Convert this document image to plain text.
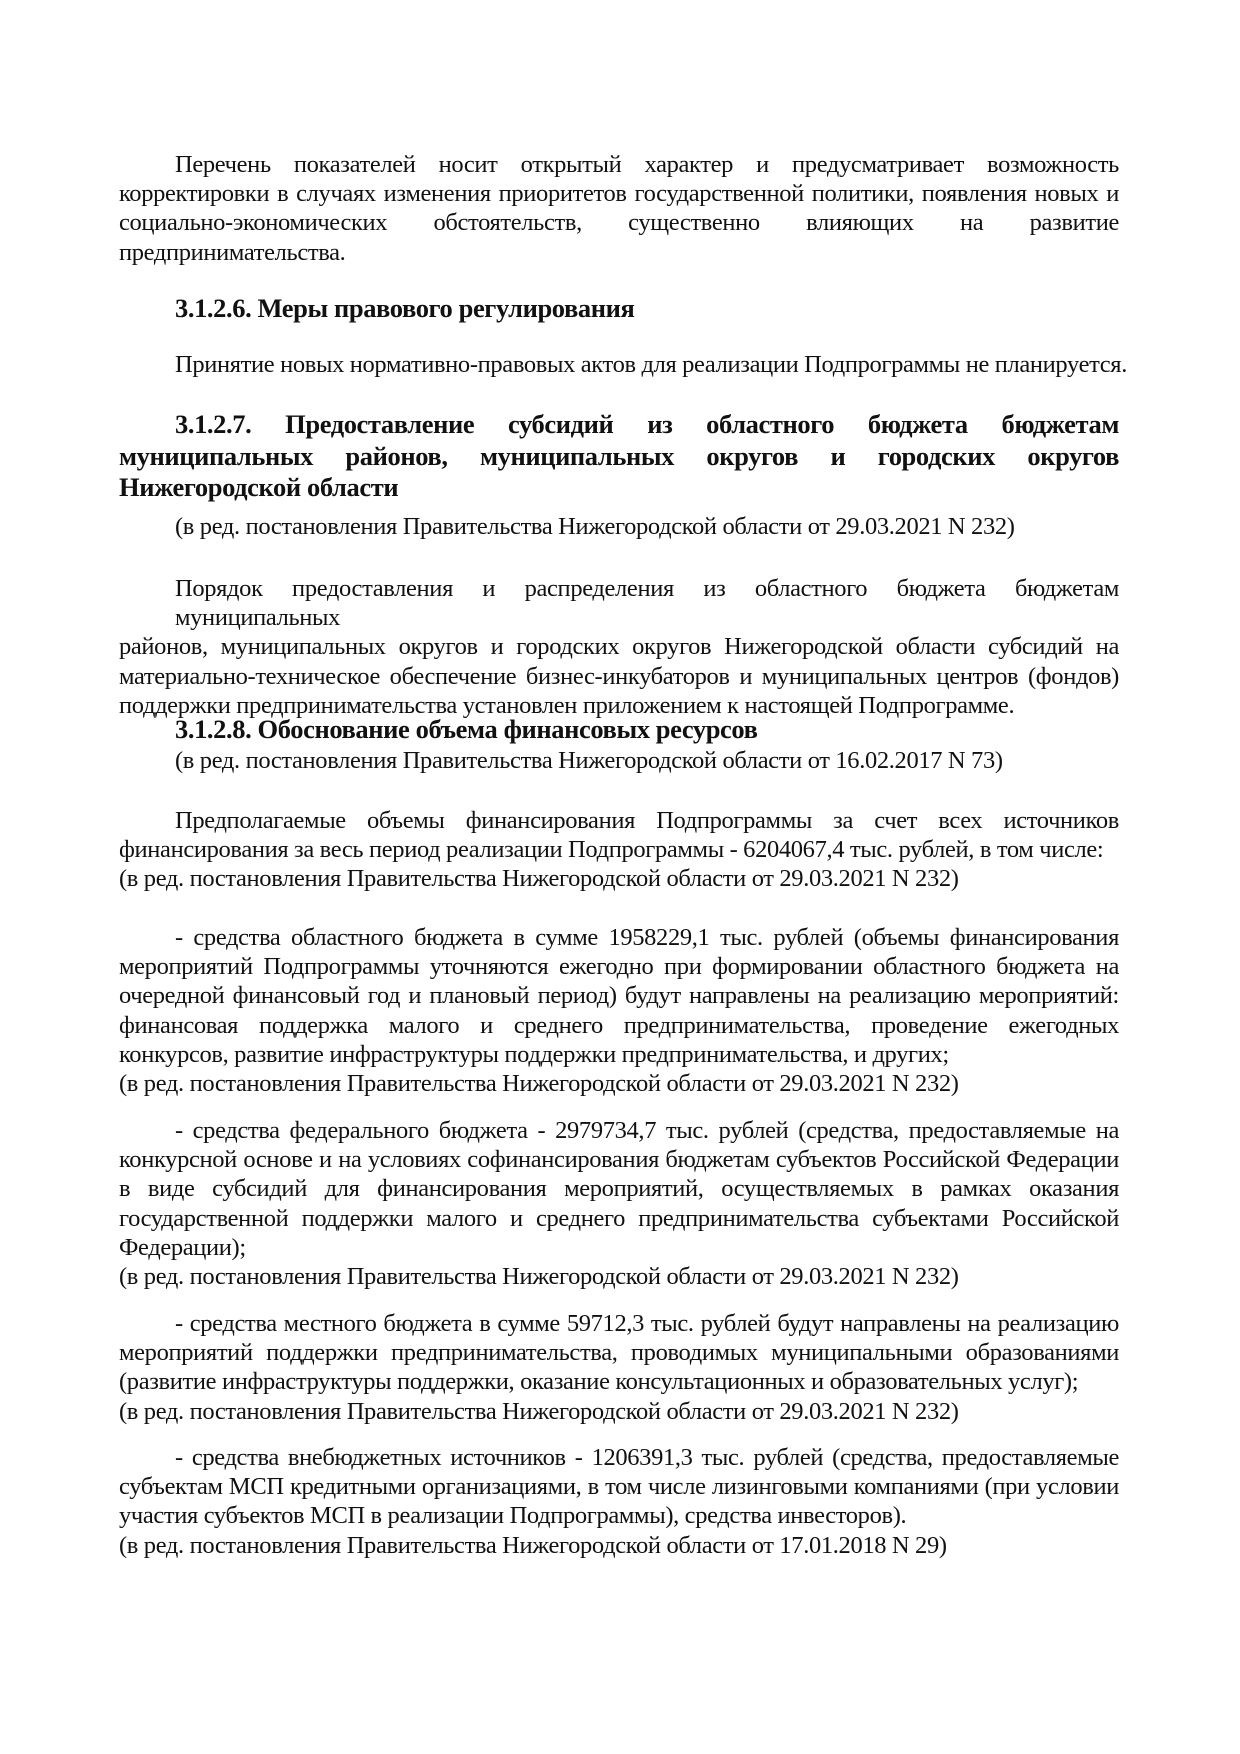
Перечень показателей носит открытый характер и предусматривает возможность
корректировки в случаях изменения приоритетов государственной политики, появления новых и
социально-экономических обстоятельств, существенно влияющих на развитие
предпринимательства.

3.1.2.6. Меры правового регулирования

Принятие новых нормативно-правовых актов для реализации Подпрограммы не планируется.

3.1.2.7. Предоставление субсидий из областного бюджета бюджетам
муниципальных районов, муниципальных округов и городских округов
Нижегородской области

(в ред. постановления Правительства Нижегородской области от 29.03.2021 N 232)

Порядок предоставления и распределения из областного бюджета бюджетам муниципальных
районов, муниципальных округов и городских округов Нижегородской области субсидий на
материально-техническое обеспечение бизнес-инкубаторов и муниципальных центров (фондов)
поддержки предпринимательства установлен приложением к настоящей Подпрограмме.

3.1.2.8. Обоснование объема финансовых ресурсов

(в ред. постановления Правительства Нижегородской области от 16.02.2017 N 73)

Предполагаемые объемы финансирования Подпрограммы за счет всех источников
финансирования за весь период реализации Подпрограммы - 6204067,4 тыс. рублей, в том числе:

(в ред. постановления Правительства Нижегородской области от 29.03.2021 N 232)

- средства областного бюджета в сумме 1958229,1 тыс. рублей (объемы финансирования
мероприятий Подпрограммы уточняются ежегодно при формировании областного бюджета на
очередной финансовый год и плановый период) будут направлены на реализацию мероприятий:
финансовая поддержка малого и среднего предпринимательства, проведение ежегодных
конкурсов, развитие инфраструктуры поддержки предпринимательства, и других;

(в ред. постановления Правительства Нижегородской области от 29.03.2021 N 232)

- средства федерального бюджета - 2979734,7 тыс. рублей (средства, предоставляемые на
конкурсной основе и на условиях софинансирования бюджетам субъектов Российской Федерации
в виде субсидий для финансирования мероприятий, осуществляемых в рамках оказания
государственной поддержки малого и среднего предпринимательства субъектами Российской
Федерации);

(в ред. постановления Правительства Нижегородской области от 29.03.2021 N 232)

- средства местного бюджета в сумме 59712,3 тыс. рублей будут направлены на реализацию
мероприятий поддержки предпринимательства, проводимых муниципальными образованиями
(развитие инфраструктуры поддержки, оказание консультационных и образовательных услуг);

(в ред. постановления Правительства Нижегородской области от 29.03.2021 N 232)

- средства внебюджетных источников - 1206391,3 тыс. рублей (средства, предоставляемые
субъектам МСП кредитными организациями, в том числе лизинговыми компаниями (при условии
участия субъектов МСП в реализации Подпрограммы), средства инвесторов).

(в ред. постановления Правительства Нижегородской области от 17.01.2018 N 29)
